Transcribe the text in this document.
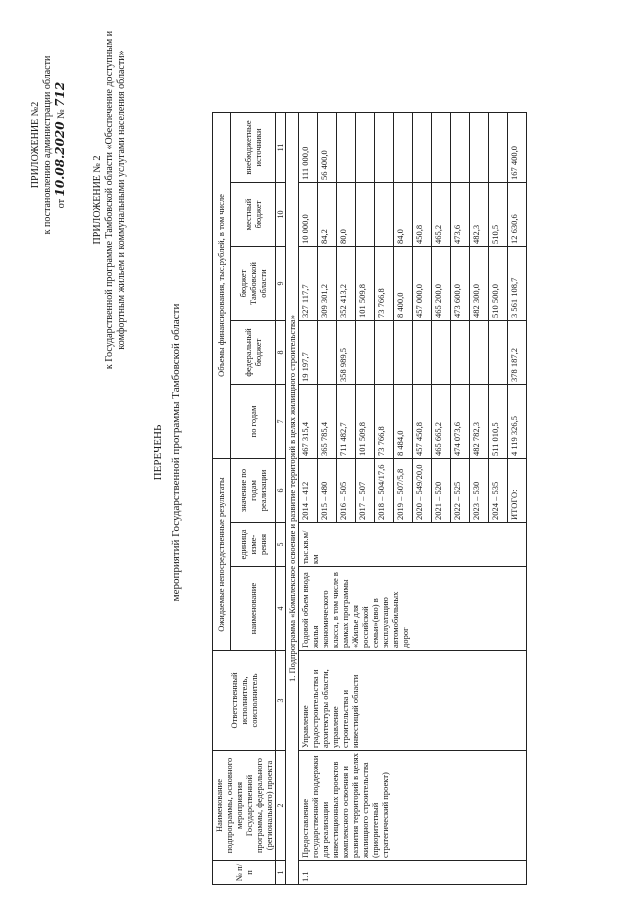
ПРИЛОЖЕНИЕ №2 к постановлению администрации области от 10.08.2020 № 712
ПРИЛОЖЕНИЕ № 2 к Государственной программе Тамбовской области «Обеспечение доступным и комфортным жильем и коммунальными услугами населения области»
ПЕРЕЧЕНЬ мероприятий Государственной программы Тамбовской области
№ п/п	Наименование подпрограммы, основного мероприятия Государственной программы, федерального (регионального) проекта	Ответственный исполнитель, соисполнитель	Ожидаемые непосредственные результаты			Объемы финансирования, тыс.рублей, в том числе				
			наименование	единица изме-рения	значение по годам реализации	по годам	федеральный бюджет	бюджет Тамбовской области	местный бюджет	внебюджетные источники
1	2	3	4	5	6	7	8	9	10	11
1. Подпрограмма «Комплексное освоение и развитие территорий в целях жилищного строительства»										
1.1	Предоставление государственной поддержки для реализации инвестиционных проектов комплексного освоения и развития территорий в целях жилищного строительства (приоритетный стратегический проект)	Управление градостроительства и архитектуры области, управление строительства и инвестиций области	Годовой объем ввода жилья экономического класса, в том числе в рамках программы «Жилье для российской семьи»(вво) в эксплуатацию автомобильных дорог	тыс.кв.м/км	2014 – 412	467 315,4	19 197,7	327 117,7	10 000,0	111 000,0
					2015 – 480	365 785,4		309 301,2	84,2	56 400,0
					2016 – 505	711 482,7	358 989,5	352 413,2	80,0	
					2017 – 507	101 509,8		101 509,8		
					2018 – 504/17,6	73 766,8		73 766,8		
					2019 – 507/5,8	8 484,0		8 400,0	84,0	
					2020 – 549/20,0	457 450,8		457 000,0	450,8	
					2021 – 520	465 665,2		465 200,0	465,2	
					2022 – 525	474 073,6		473 600,0	473,6	
					2023 – 530	482 782,3		482 300,0	482,3	
					2024 – 535	511 010,5		510 500,0	510,5	
					ИТОГО:	4 119 326,5	378 187,2	3 561 108,7	12 630,6	167 400,0
